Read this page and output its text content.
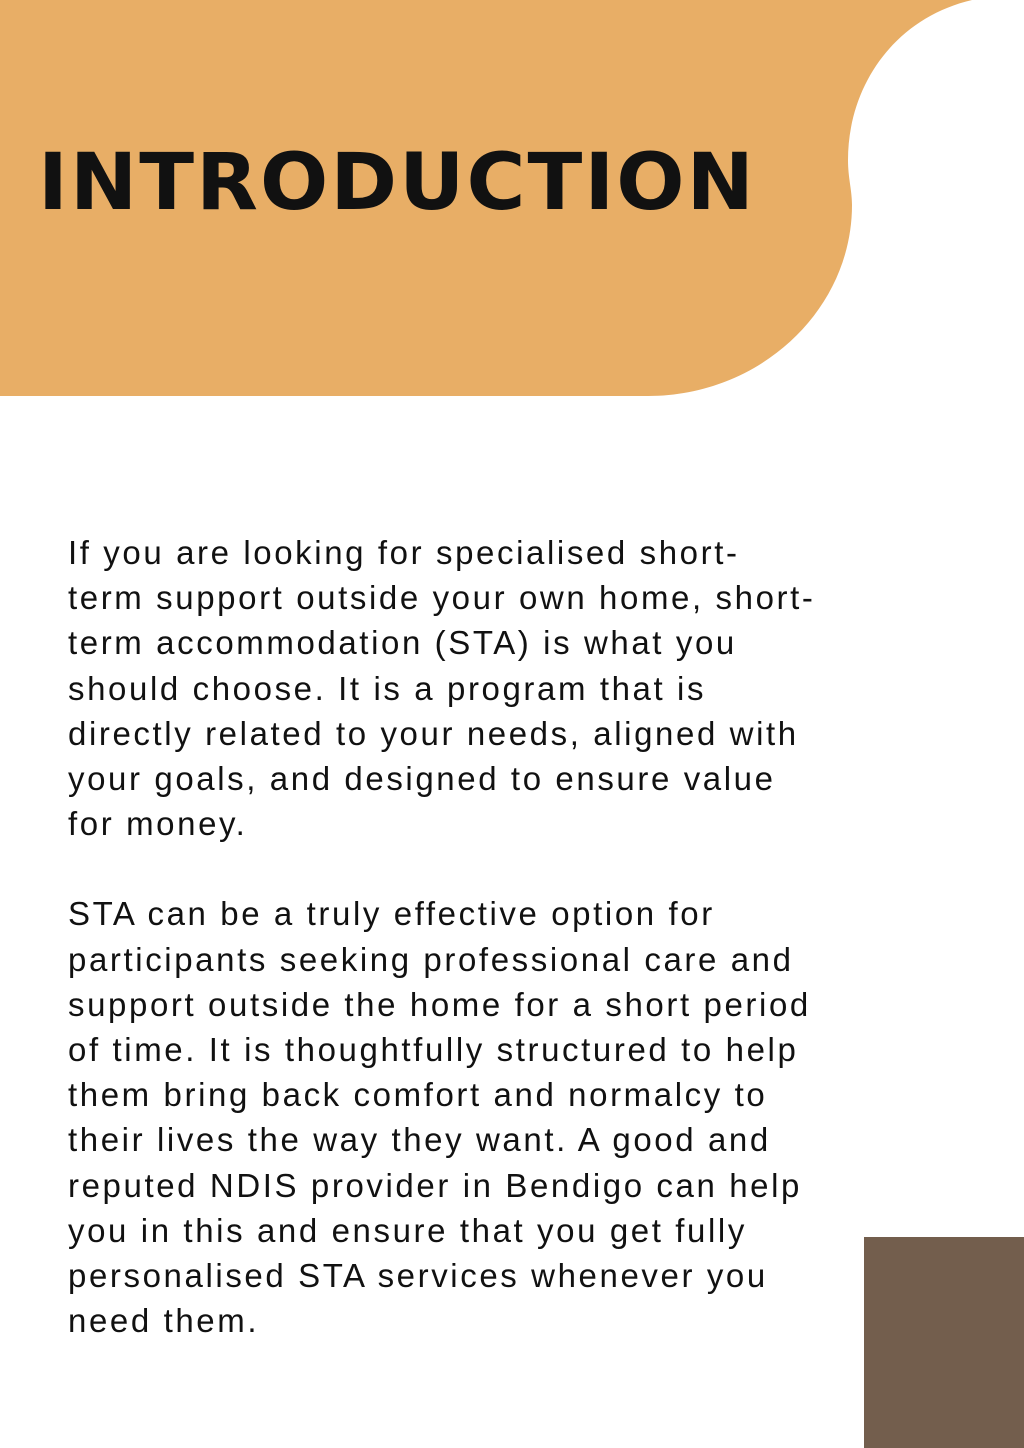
INTRODUCTION

If you are looking for specialised short-
term support outside your own home, short-
term accommodation (STA) is what you
should choose. It is a program that is
directly related to your needs, aligned with
your goals, and designed to ensure value
for money.

STA can be a truly effective option for
participants seeking professional care and
support outside the home for a short period
of time. It is thoughtfully structured to help
them bring back comfort and normalcy to
their lives the way they want. A good and
reputed NDIS provider in Bendigo can help
you in this and ensure that you get fully
personalised STA services whenever you
need them.
